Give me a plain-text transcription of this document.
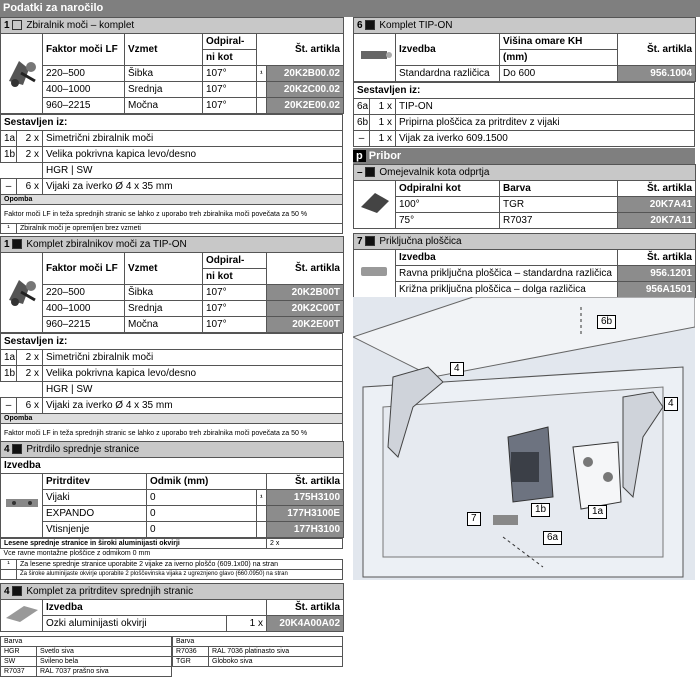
Podatki za naročilo
1 Zbiralnik moči – komplet					
	Faktor moči LF	Vzmet	Odpiral-	Št. artikla	
			ni kot		
	220–500	Šibka	107°	¹	20K2B00.02
	400–1000	Srednja	107°		20K2C00.02
	960–2215	Močna	107°		20K2E00.02
Sestavljen iz:		
1a	2 x	Simetrični zbiralnik moči
1b	2 x	Velika pokrivna kapica levo/desno
		HGR | SW
–	6 x	Vijaki za iverko Ø 4 x 35 mm
Opomba		
Faktor moči LF in teža sprednjih stranic se lahko z uporabo treh zbiralnika moči povečata za 50 %		
¹	Zbiralnik moči je opremljen brez vzmeti	
1 Komplet zbiralnikov moči za TIP-ON				
	Faktor moči LF	Vzmet	Odpiral-	Št. artikla
			ni kot	
	220–500	Šibka	107°	20K2B00T
	400–1000	Srednja	107°	20K2C00T
	960–2215	Močna	107°	20K2E00T
Sestavljen iz:		
1a	2 x	Simetrični zbiralnik moči
1b	2 x	Velika pokrivna kapica levo/desno
		HGR | SW
–	6 x	Vijaki za iverko Ø 4 x 35 mm
Opomba		
Faktor moči LF in teža sprednjih stranic se lahko z uporabo treh zbiralnika moči povečata za 50 %		
4 Pritrdilo sprednje stranice				
Izvedba				
	Pritrditev	Odmik (mm)		Št. artikla
	Vijaki	0	¹	175H3100
	EXPANDO	0		177H3100E
	Vtisnjenje	0		177H3100
Lesene sprednje stranice in široki aluminijasti okvirji	2 x
Vce ravne montažne ploščice z odmikom 0 mm
¹	Za lesene sprednje stranice uporabite 2 vijake za iverno ploščo (609.1x00) na stran
	Za široke aluminijaste okvirje uporabite 2 ploščevinska vijaka z ugreznjeno glavo (660.0950) na stran
4 Komplet za pritrditev sprednjih stranic			
	Izvedba		Št. artikla
	Ozki aluminijasti okvirji	1 x	20K4A00A02
Barva	
HGR	Svetlo siva
SW	Svileno bela
R7037	RAL 7037 prašno siva
Barva	
R7036	RAL 7036 platinasto siva
TGR	Globoko siva
6 Komplet TIP-ON			
	Izvedba	Višina omare KH	Št. artikla
		(mm)	
	Standardna različica	Do 600	956.1004
Sestavljen iz:		
6a	1 x	TIP-ON
6b	1 x	Pripirna ploščica za pritrditev z vijaki
–	1 x	Vijak za iverko 609.1500
p Pribor
– Omejevalnik kota odprtja			
	Odpiralni kot	Barva	Št. artikla
	100°	TGR	20K7A41
	75°	R7037	20K7A11
7 Priključna ploščica		
	Izvedba	Št. artikla
	Ravna priključna ploščica – standardna različica	956.1201
	Križna priključna ploščica – dolga različica	956A1501
6b
4
4
1b
7
1a
6a
